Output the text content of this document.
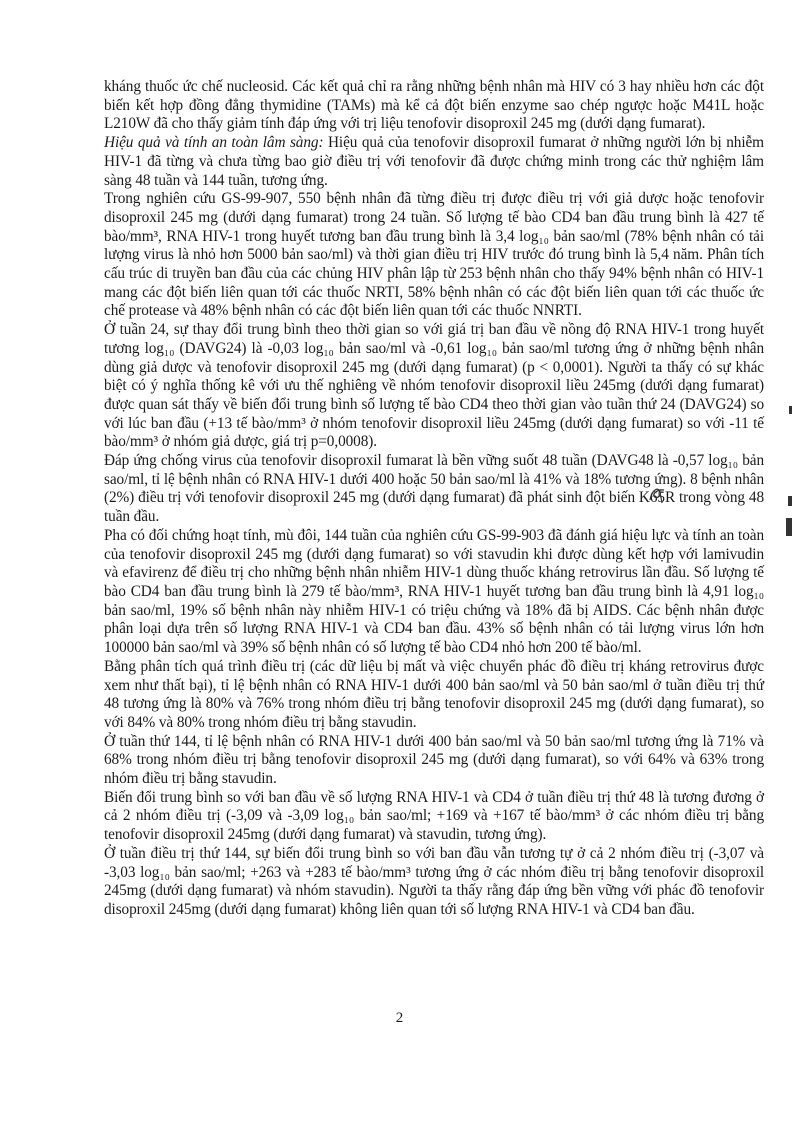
kháng thuốc ức chế nucleosid. Các kết quả chỉ ra rằng những bệnh nhân mà HIV có 3 hay nhiều hơn các đột biến kết hợp đồng đẳng thymidine (TAMs) mà kể cả đột biến enzyme sao chép ngược hoặc M41L hoặc L210W đã cho thấy giảm tính đáp ứng với trị liệu tenofovir disoproxil 245 mg (dưới dạng fumarat).

Hiệu quả và tính an toàn lâm sàng: Hiệu quả của tenofovir disoproxil fumarat ở những người lớn bị nhiễm HIV-1 đã từng và chưa từng bao giờ điều trị với tenofovir đã được chứng minh trong các thử nghiệm lâm sàng 48 tuần và 144 tuần, tương ứng.

Trong nghiên cứu GS-99-907, 550 bệnh nhân đã từng điều trị được điều trị với giả dược hoặc tenofovir disoproxil 245 mg (dưới dạng fumarat) trong 24 tuần. Số lượng tế bào CD4 ban đầu trung bình là 427 tế bào/mm³, RNA HIV-1 trong huyết tương ban đầu trung bình là 3,4 log₁₀ bản sao/ml (78% bệnh nhân có tải lượng virus là nhỏ hơn 5000 bản sao/ml) và thời gian điều trị HIV trước đó trung bình là 5,4 năm. Phân tích cấu trúc di truyền ban đầu của các chủng HIV phân lập từ 253 bệnh nhân cho thấy 94% bệnh nhân có HIV-1 mang các đột biến liên quan tới các thuốc NRTI, 58% bệnh nhân có các đột biến liên quan tới các thuốc ức chế protease và 48% bệnh nhân có các đột biến liên quan tới các thuốc NNRTI.

Ở tuần 24, sự thay đổi trung bình theo thời gian so với giá trị ban đầu về nồng độ RNA HIV-1 trong huyết tương log₁₀ (DAVG24) là -0,03 log₁₀ bản sao/ml và -0,61 log₁₀ bản sao/ml tương ứng ở những bệnh nhân dùng giả dược và tenofovir disoproxil 245 mg (dưới dạng fumarat) (p < 0,0001). Người ta thấy có sự khác biệt có ý nghĩa thống kê với ưu thế nghiêng về nhóm tenofovir disoproxil liều 245mg (dưới dạng fumarat) được quan sát thấy về biến đổi trung bình số lượng tế bào CD4 theo thời gian vào tuần thứ 24 (DAVG24) so với lúc ban đầu (+13 tế bào/mm³ ở nhóm tenofovir disoproxil liều 245mg (dưới dạng fumarat) so với -11 tế bào/mm³ ở nhóm giả dược, giá trị p=0,0008).

Đáp ứng chống virus của tenofovir disoproxil fumarat là bền vững suốt 48 tuần (DAVG48 là -0,57 log₁₀ bản sao/ml, tỉ lệ bệnh nhân có RNA HIV-1 dưới 400 hoặc 50 bản sao/ml là 41% và 18% tương ứng). 8 bệnh nhân (2%) điều trị với tenofovir disoproxil 245 mg (dưới dạng fumarat) đã phát sinh đột biến K65R trong vòng 48 tuần đầu.

Pha có đối chứng hoạt tính, mù đôi, 144 tuần của nghiên cứu GS-99-903 đã đánh giá hiệu lực và tính an toàn của tenofovir disoproxil 245 mg (dưới dạng fumarat) so với stavudin khi được dùng kết hợp với lamivudin và efavirenz để điều trị cho những bệnh nhân nhiễm HIV-1 dùng thuốc kháng retrovirus lần đầu. Số lượng tế bào CD4 ban đầu trung bình là 279 tế bào/mm³, RNA HIV-1 huyết tương ban đầu trung bình là 4,91 log₁₀ bản sao/ml, 19% số bệnh nhân này nhiễm HIV-1 có triệu chứng và 18% đã bị AIDS. Các bệnh nhân được phân loại dựa trên số lượng RNA HIV-1 và CD4 ban đầu. 43% số bệnh nhân có tải lượng virus lớn hơn 100000 bản sao/ml và 39% số bệnh nhân có số lượng tế bào CD4 nhỏ hơn 200 tế bào/ml.

Bằng phân tích quá trình điều trị (các dữ liệu bị mất và việc chuyển phác đồ điều trị kháng retrovirus được xem như thất bại), tỉ lệ bệnh nhân có RNA HIV-1 dưới 400 bản sao/ml và 50 bản sao/ml ở tuần điều trị thứ 48 tương ứng là 80% và 76% trong nhóm điều trị bằng tenofovir disoproxil 245 mg (dưới dạng fumarat), so với 84% và 80% trong nhóm điều trị bằng stavudin.

Ở tuần thứ 144, tỉ lệ bệnh nhân có RNA HIV-1 dưới 400 bản sao/ml và 50 bản sao/ml tương ứng là 71% và 68% trong nhóm điều trị bằng tenofovir disoproxil 245 mg (dưới dạng fumarat), so với 64% và 63% trong nhóm điều trị bằng stavudin.

Biến đổi trung bình so với ban đầu về số lượng RNA HIV-1 và CD4 ở tuần điều trị thứ 48 là tương đương ở cả 2 nhóm điều trị (-3,09 và -3,09 log₁₀ bản sao/ml; +169 và +167 tế bào/mm³ ở các nhóm điều trị bằng tenofovir disoproxil 245mg (dưới dạng fumarat) và stavudin, tương ứng).

Ở tuần điều trị thứ 144, sự biến đổi trung bình so với ban đầu vẫn tương tự ở cả 2 nhóm điều trị (-3,07 và -3,03 log₁₀ bản sao/ml; +263 và +283 tế bào/mm³ tương ứng ở các nhóm điều trị bằng tenofovir disoproxil 245mg (dưới dạng fumarat) và nhóm stavudin). Người ta thấy rằng đáp ứng bền vững với phác đồ tenofovir disoproxil 245mg (dưới dạng fumarat) không liên quan tới số lượng RNA HIV-1 và CD4 ban đầu.

2
